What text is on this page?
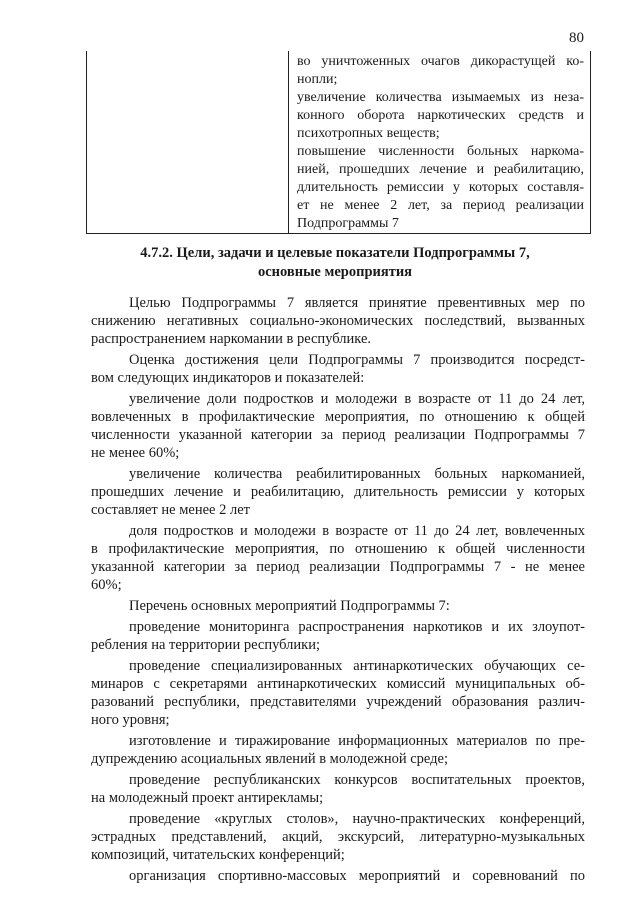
80

во уничтоженных очагов дикорастущей ко-
нопли;
увеличение количества изымаемых из неза-
конного оборота наркотических средств и
психотропных веществ;
повышение численности больных наркома-
нией, прошедших лечение и реабилитацию,
длительность ремиссии у которых составля-
ет не менее 2 лет, за период реализации
Подпрограммы 7
4.7.2. Цели, задачи и целевые показатели Подпрограммы 7,
основные мероприятия

Целью Подпрограммы 7 является принятие превентивных мер по
снижению негативных социально-экономических последствий, вызванных
распространением наркомании в республике.

Оценка достижения цели Подпрограммы 7 производится посредст-
вом следующих индикаторов и показателей:

увеличение доли подростков и молодежи в возрасте от 11 до 24 лет,
вовлеченных в профилактические мероприятия, по отношению к общей
численности указанной категории за период реализации Подпрограммы 7
не менее 60%;

увеличение количества реабилитированных больных наркоманией,
прошедших лечение и реабилитацию, длительность ремиссии у которых
составляет не менее 2 лет

доля подростков и молодежи в возрасте от 11 до 24 лет, вовлеченных
в профилактические мероприятия, по отношению к общей численности
указанной категории за период реализации Подпрограммы 7 - не менее
60%;

Перечень основных мероприятий Подпрограммы 7:

проведение мониторинга распространения наркотиков и их злоупот-
ребления на территории республики;

проведение специализированных антинаркотических обучающих се-
минаров с секретарями антинаркотических комиссий муниципальных об-
разований республики, представителями учреждений образования различ-
ного уровня;

изготовление и тиражирование информационных материалов по пре-
дупреждению асоциальных явлений в молодежной среде;

проведение республиканских конкурсов воспитательных проектов,
на молодежный проект антирекламы;

проведение «круглых столов», научно-практических конференций,
эстрадных представлений, акций, экскурсий, литературно-музыкальных
композиций, читательских конференций;

организация спортивно-массовых мероприятий и соревнований по
